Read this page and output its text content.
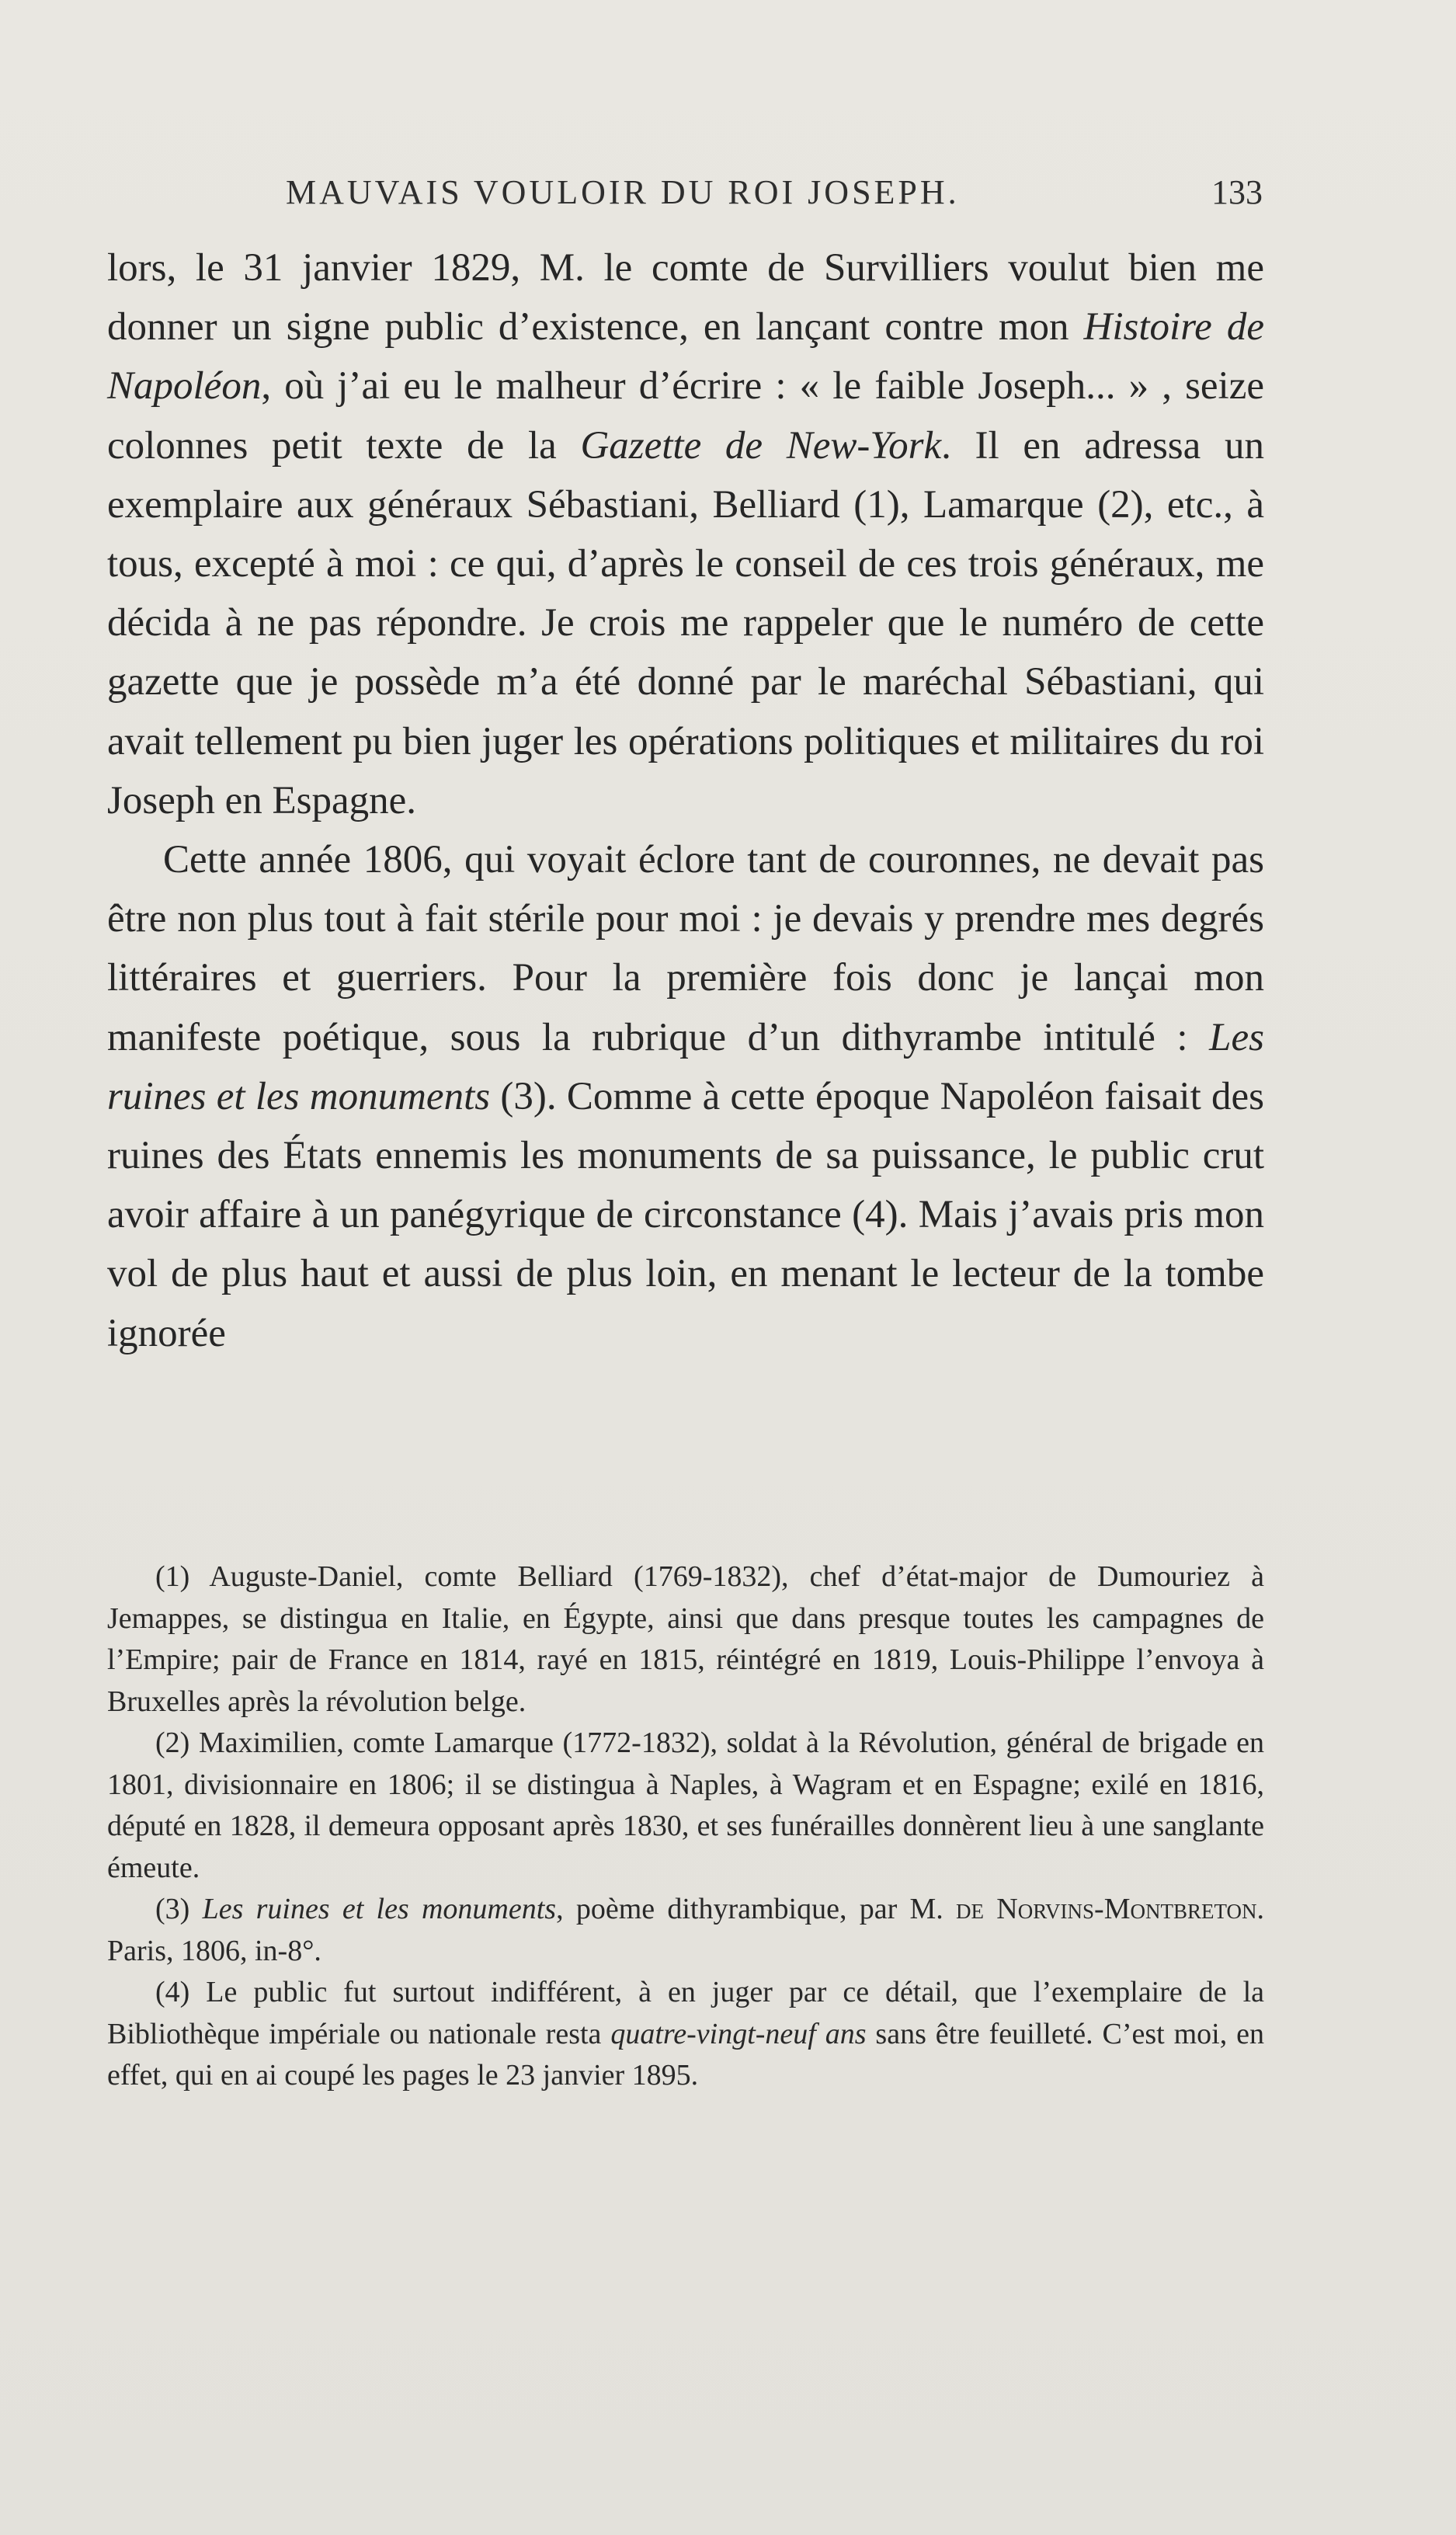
MAUVAIS VOULOIR DU ROI JOSEPH.	133

lors, le 31 janvier 1829, M. le comte de Survilliers voulut bien me donner un signe public d’existence, en lançant contre mon Histoire de Napoléon, où j’ai eu le malheur d’écrire : « le faible Joseph... » , seize colonnes petit texte de la Gazette de New-York. Il en adressa un exemplaire aux généraux Sébastiani, Belliard (1), Lamarque (2), etc., à tous, excepté à moi : ce qui, d’après le conseil de ces trois généraux, me décida à ne pas répondre. Je crois me rappeler que le numéro de cette gazette que je possède m’a été donné par le maréchal Sébastiani, qui avait tellement pu bien juger les opérations politiques et militaires du roi Joseph en Espagne.

Cette année 1806, qui voyait éclore tant de couronnes, ne devait pas être non plus tout à fait stérile pour moi : je devais y prendre mes degrés littéraires et guerriers. Pour la première fois donc je lançai mon manifeste poétique, sous la rubrique d’un dithyrambe intitulé : Les ruines et les monuments (3). Comme à cette époque Napoléon faisait des ruines des États ennemis les monuments de sa puissance, le public crut avoir affaire à un panégyrique de circonstance (4). Mais j’avais pris mon vol de plus haut et aussi de plus loin, en menant le lecteur de la tombe ignorée

(1) Auguste-Daniel, comte Belliard (1769-1832), chef d’état-major de Dumouriez à Jemappes, se distingua en Italie, en Égypte, ainsi que dans presque toutes les campagnes de l’Empire; pair de France en 1814, rayé en 1815, réintégré en 1819, Louis-Philippe l’envoya à Bruxelles après la révolution belge.

(2) Maximilien, comte Lamarque (1772-1832), soldat à la Révolution, général de brigade en 1801, divisionnaire en 1806; il se distingua à Naples, à Wagram et en Espagne; exilé en 1816, député en 1828, il demeura opposant après 1830, et ses funérailles donnèrent lieu à une sanglante émeute.

(3) Les ruines et les monuments, poème dithyrambique, par M. de Norvins-Montbreton. Paris, 1806, in-8°.

(4) Le public fut surtout indifférent, à en juger par ce détail, que l’exemplaire de la Bibliothèque impériale ou nationale resta quatre-vingt-neuf ans sans être feuilleté. C’est moi, en effet, qui en ai coupé les pages le 23 janvier 1895.
